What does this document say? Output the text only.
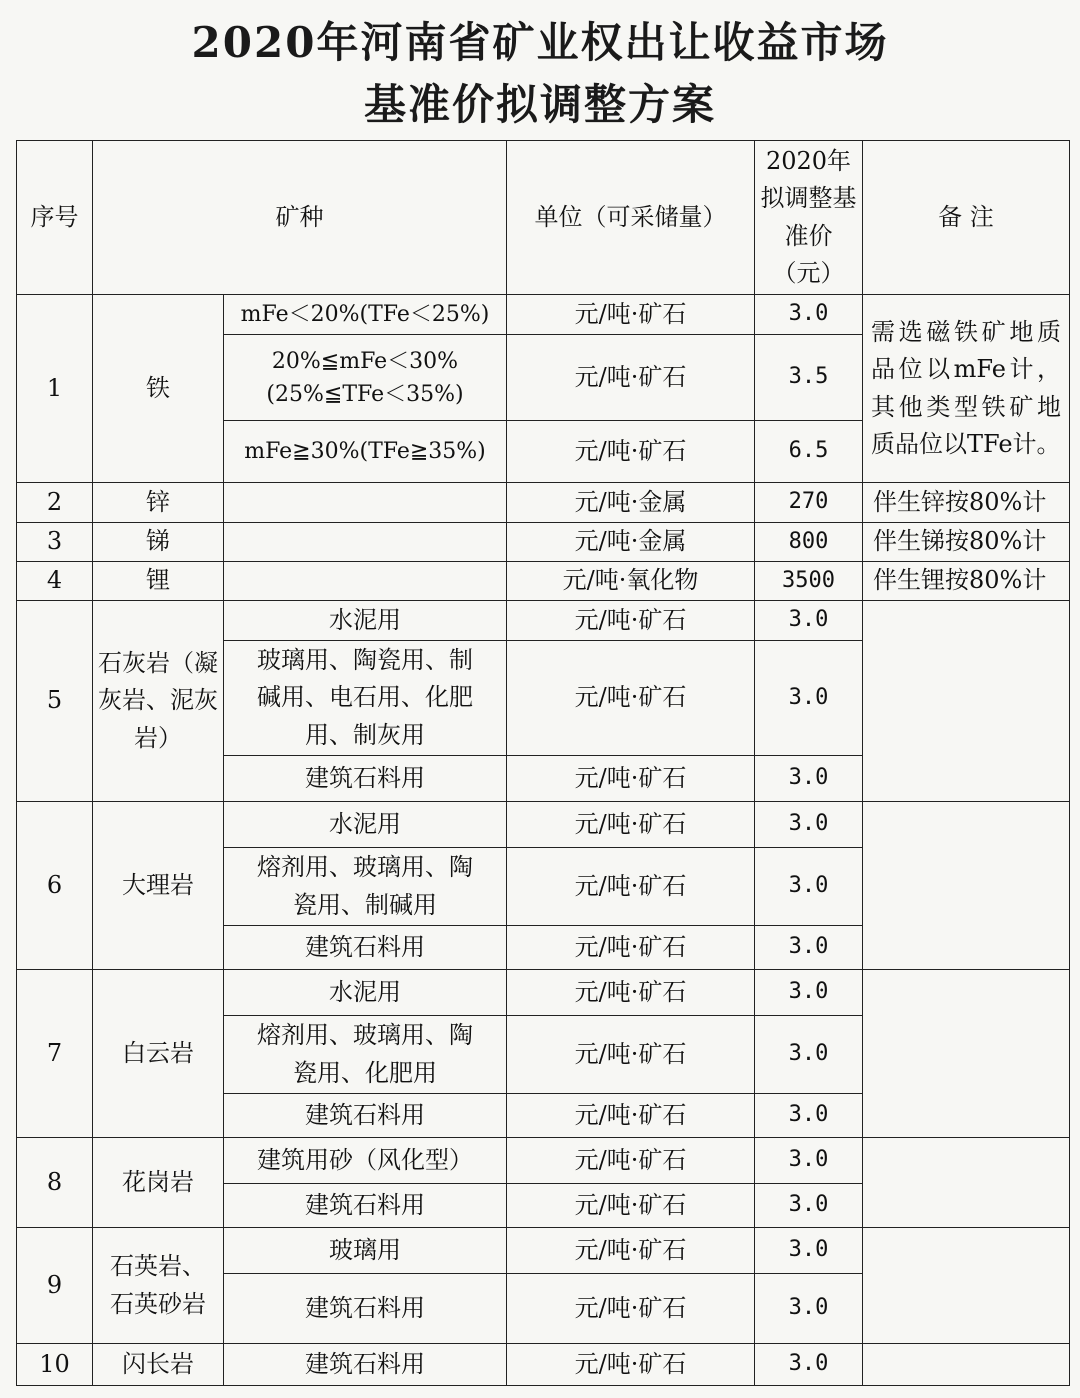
2020年河南省矿业权出让收益市场
基准价拟调整方案
序号	矿种		单位（可采储量）	2020年拟调整基准价（元）	备 注
1	铁	mFe＜20%(TFe＜25%)	元/吨·矿石	3.0	需选磁铁矿地质品位以mFe计，其他类型铁矿地质品位以TFe计。
		20%≦mFe＜30%(25%≦TFe＜35%)	元/吨·矿石	3.5	
		mFe≧30%(TFe≧35%)	元/吨·矿石	6.5	
2	锌		元/吨·金属	270	伴生锌按80%计
3	锑		元/吨·金属	800	伴生锑按80%计
4	锂		元/吨·氧化物	3500	伴生锂按80%计
5	石灰岩（凝灰岩、泥灰岩）	水泥用	元/吨·矿石	3.0	
		玻璃用、陶瓷用、制碱用、电石用、化肥用、制灰用	元/吨·矿石	3.0	
		建筑石料用	元/吨·矿石	3.0	
6	大理岩	水泥用	元/吨·矿石	3.0	
		熔剂用、玻璃用、陶瓷用、制碱用	元/吨·矿石	3.0	
		建筑石料用	元/吨·矿石	3.0	
7	白云岩	水泥用	元/吨·矿石	3.0	
		熔剂用、玻璃用、陶瓷用、化肥用	元/吨·矿石	3.0	
		建筑石料用	元/吨·矿石	3.0	
8	花岗岩	建筑用砂（风化型）	元/吨·矿石	3.0	
		建筑石料用	元/吨·矿石	3.0	
9	石英岩、石英砂岩	玻璃用	元/吨·矿石	3.0	
		建筑石料用	元/吨·矿石	3.0	
10	闪长岩	建筑石料用	元/吨·矿石	3.0	
